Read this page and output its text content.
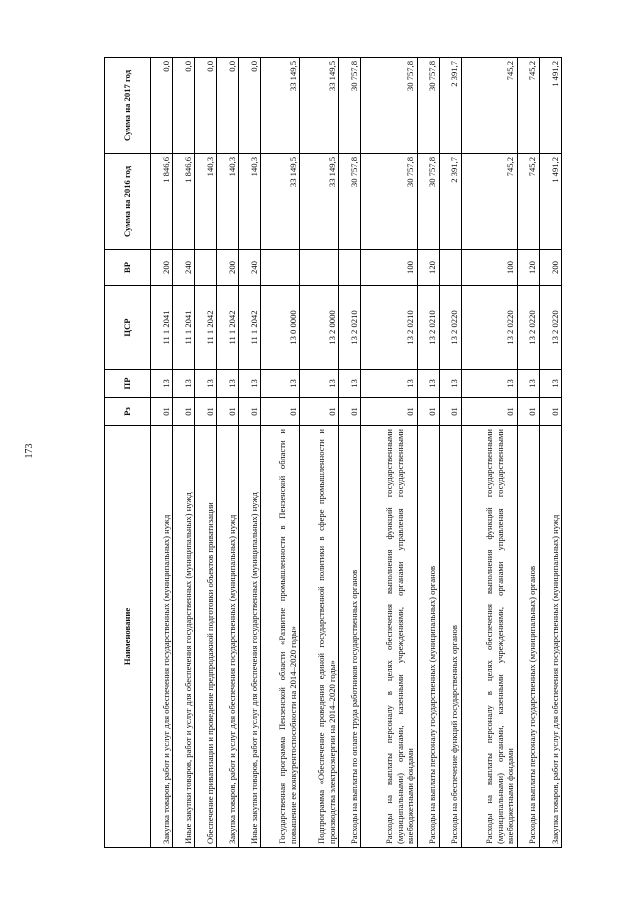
173
Наименование	Рз	ПР	ЦСР	ВР	Сумма на 2016 год	Сумма на 2017 год
Закупка товаров, работ и услуг для обеспечения государственных (муниципальных) нужд	01	13	11 1 2041	200	1 846,6	0,0
Иные закупки товаров, работ и услуг для обеспечения государственных (муниципальных) нужд	01	13	11 1 2041	240	1 846,6	0,0
Обеспечение приватизации и проведение предпродажной подготовки объектов приватизации	01	13	11 1 2042		140,3	0,0
Закупка товаров, работ и услуг для обеспечения государственных (муниципальных) нужд	01	13	11 1 2042	200	140,3	0,0
Иные закупки товаров, работ и услуг для обеспечения государственных (муниципальных) нужд	01	13	11 1 2042	240	140,3	0,0
Государственная программа Пензенской области «Развитие промышленности в Пензенской области и повышение ее конкурентоспособности на 2014–2020 годы»	01	13	13 0 0000		33 149,5	33 149,5
Подпрограмма «Обеспечение проведения единой государственной политики в сфере промышленности и производства электроэнергии на 2014–2020 годы»	01	13	13 2 0000		33 149,5	33 149,5
Расходы на выплаты по оплате труда работников государственных органов	01	13	13 2 0210		30 757,8	30 757,8
Расходы на выплаты персоналу в целях обеспечения выполнения функций государственными (муниципальными) органами, казенными учреждениями, органами управления государственными внебюджетными фондами	01	13	13 2 0210	100	30 757,8	30 757,8
Расходы на выплаты персоналу государственных (муниципальных) органов	01	13	13 2 0210	120	30 757,8	30 757,8
Расходы на обеспечение функций государственных органов	01	13	13 2 0220		2 391,7	2 391,7
Расходы на выплаты персоналу в целях обеспечения выполнения функций государственными (муниципальными) органами, казенными учреждениями, органами управления государственными внебюджетными фондами	01	13	13 2 0220	100	745,2	745,2
Расходы на выплаты персоналу государственных (муниципальных) органов	01	13	13 2 0220	120	745,2	745,2
Закупка товаров, работ и услуг для обеспечения государственных (муниципальных) нужд	01	13	13 2 0220	200	1 491,2	1 491,2
